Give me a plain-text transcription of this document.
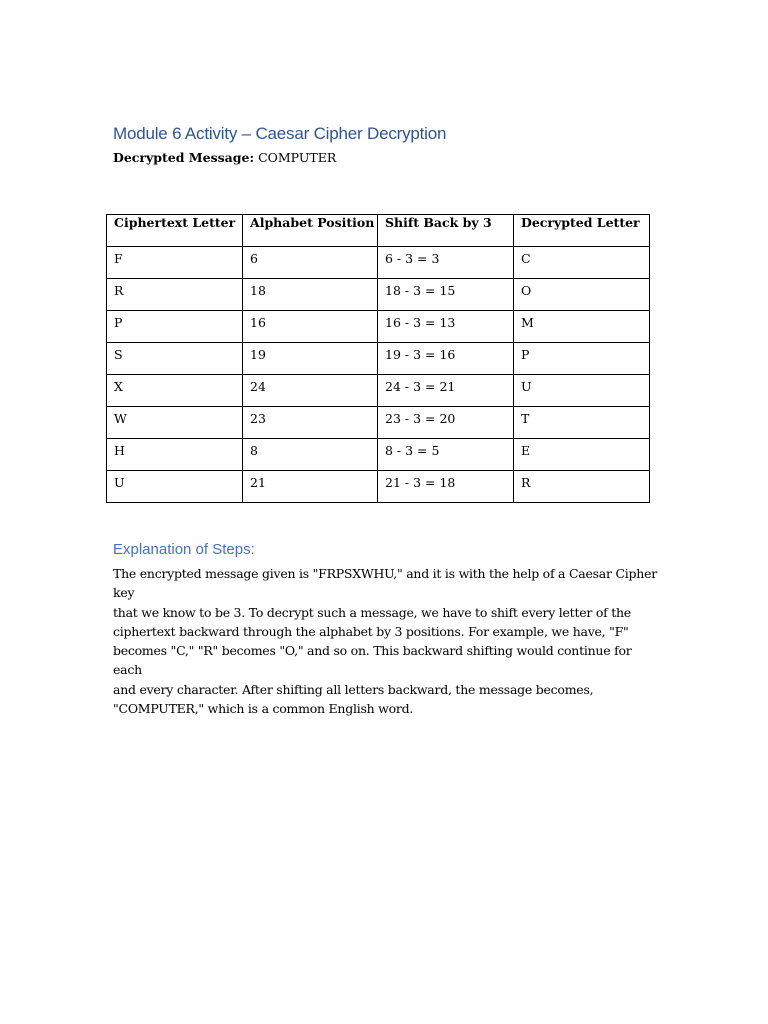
Module 6 Activity – Caesar Cipher Decryption
Decrypted Message: COMPUTER
Ciphertext Letter	Alphabet Position	Shift Back by 3	Decrypted Letter
F	6	6 - 3 = 3	C
R	18	18 - 3 = 15	O
P	16	16 - 3 = 13	M
S	19	19 - 3 = 16	P
X	24	24 - 3 = 21	U
W	23	23 - 3 = 20	T
H	8	8 - 3 = 5	E
U	21	21 - 3 = 18	R
Explanation of Steps:
The encrypted message given is "FRPSXWHU," and it is with the help of a Caesar Cipher key
that we know to be 3. To decrypt such a message, we have to shift every letter of the
ciphertext backward through the alphabet by 3 positions. For example, we have, "F"
becomes "C," "R" becomes "O," and so on. This backward shifting would continue for each
and every character. After shifting all letters backward, the message becomes,
"COMPUTER," which is a common English word.
